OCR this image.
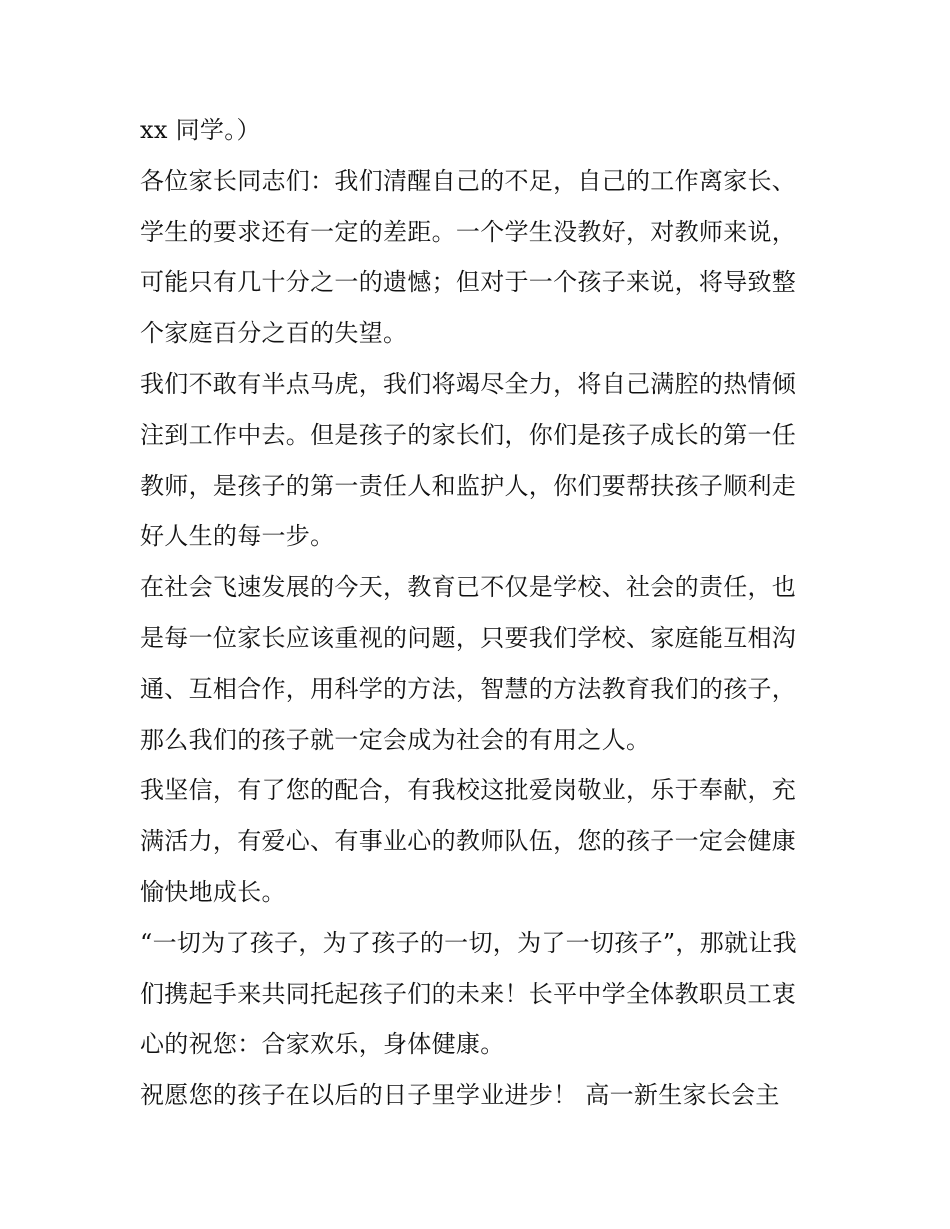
xx 同学。）
各位家长同志们：我们清醒自己的不足，自己的工作离家长、
学生的要求还有一定的差距。一个学生没教好，对教师来说，
可能只有几十分之一的遗憾；但对于一个孩子来说，将导致整
个家庭百分之百的失望。
我们不敢有半点马虎，我们将竭尽全力，将自己满腔的热情倾
注到工作中去。但是孩子的家长们，你们是孩子成长的第一任
教师，是孩子的第一责任人和监护人，你们要帮扶孩子顺利走
好人生的每一步。
在社会飞速发展的今天，教育已不仅是学校、社会的责任，也
是每一位家长应该重视的问题，只要我们学校、家庭能互相沟
通、互相合作，用科学的方法，智慧的方法教育我们的孩子，
那么我们的孩子就一定会成为社会的有用之人。
我坚信，有了您的配合，有我校这批爱岗敬业，乐于奉献，充
满活力，有爱心、有事业心的教师队伍，您的孩子一定会健康
愉快地成长。
“一切为了孩子，为了孩子的一切，为了一切孩子”，那就让我
们携起手来共同托起孩子们的未来！长平中学全体教职员工衷
心的祝您：合家欢乐，身体健康。
祝愿您的孩子在以后的日子里学业进步！ 高一新生家长会主
